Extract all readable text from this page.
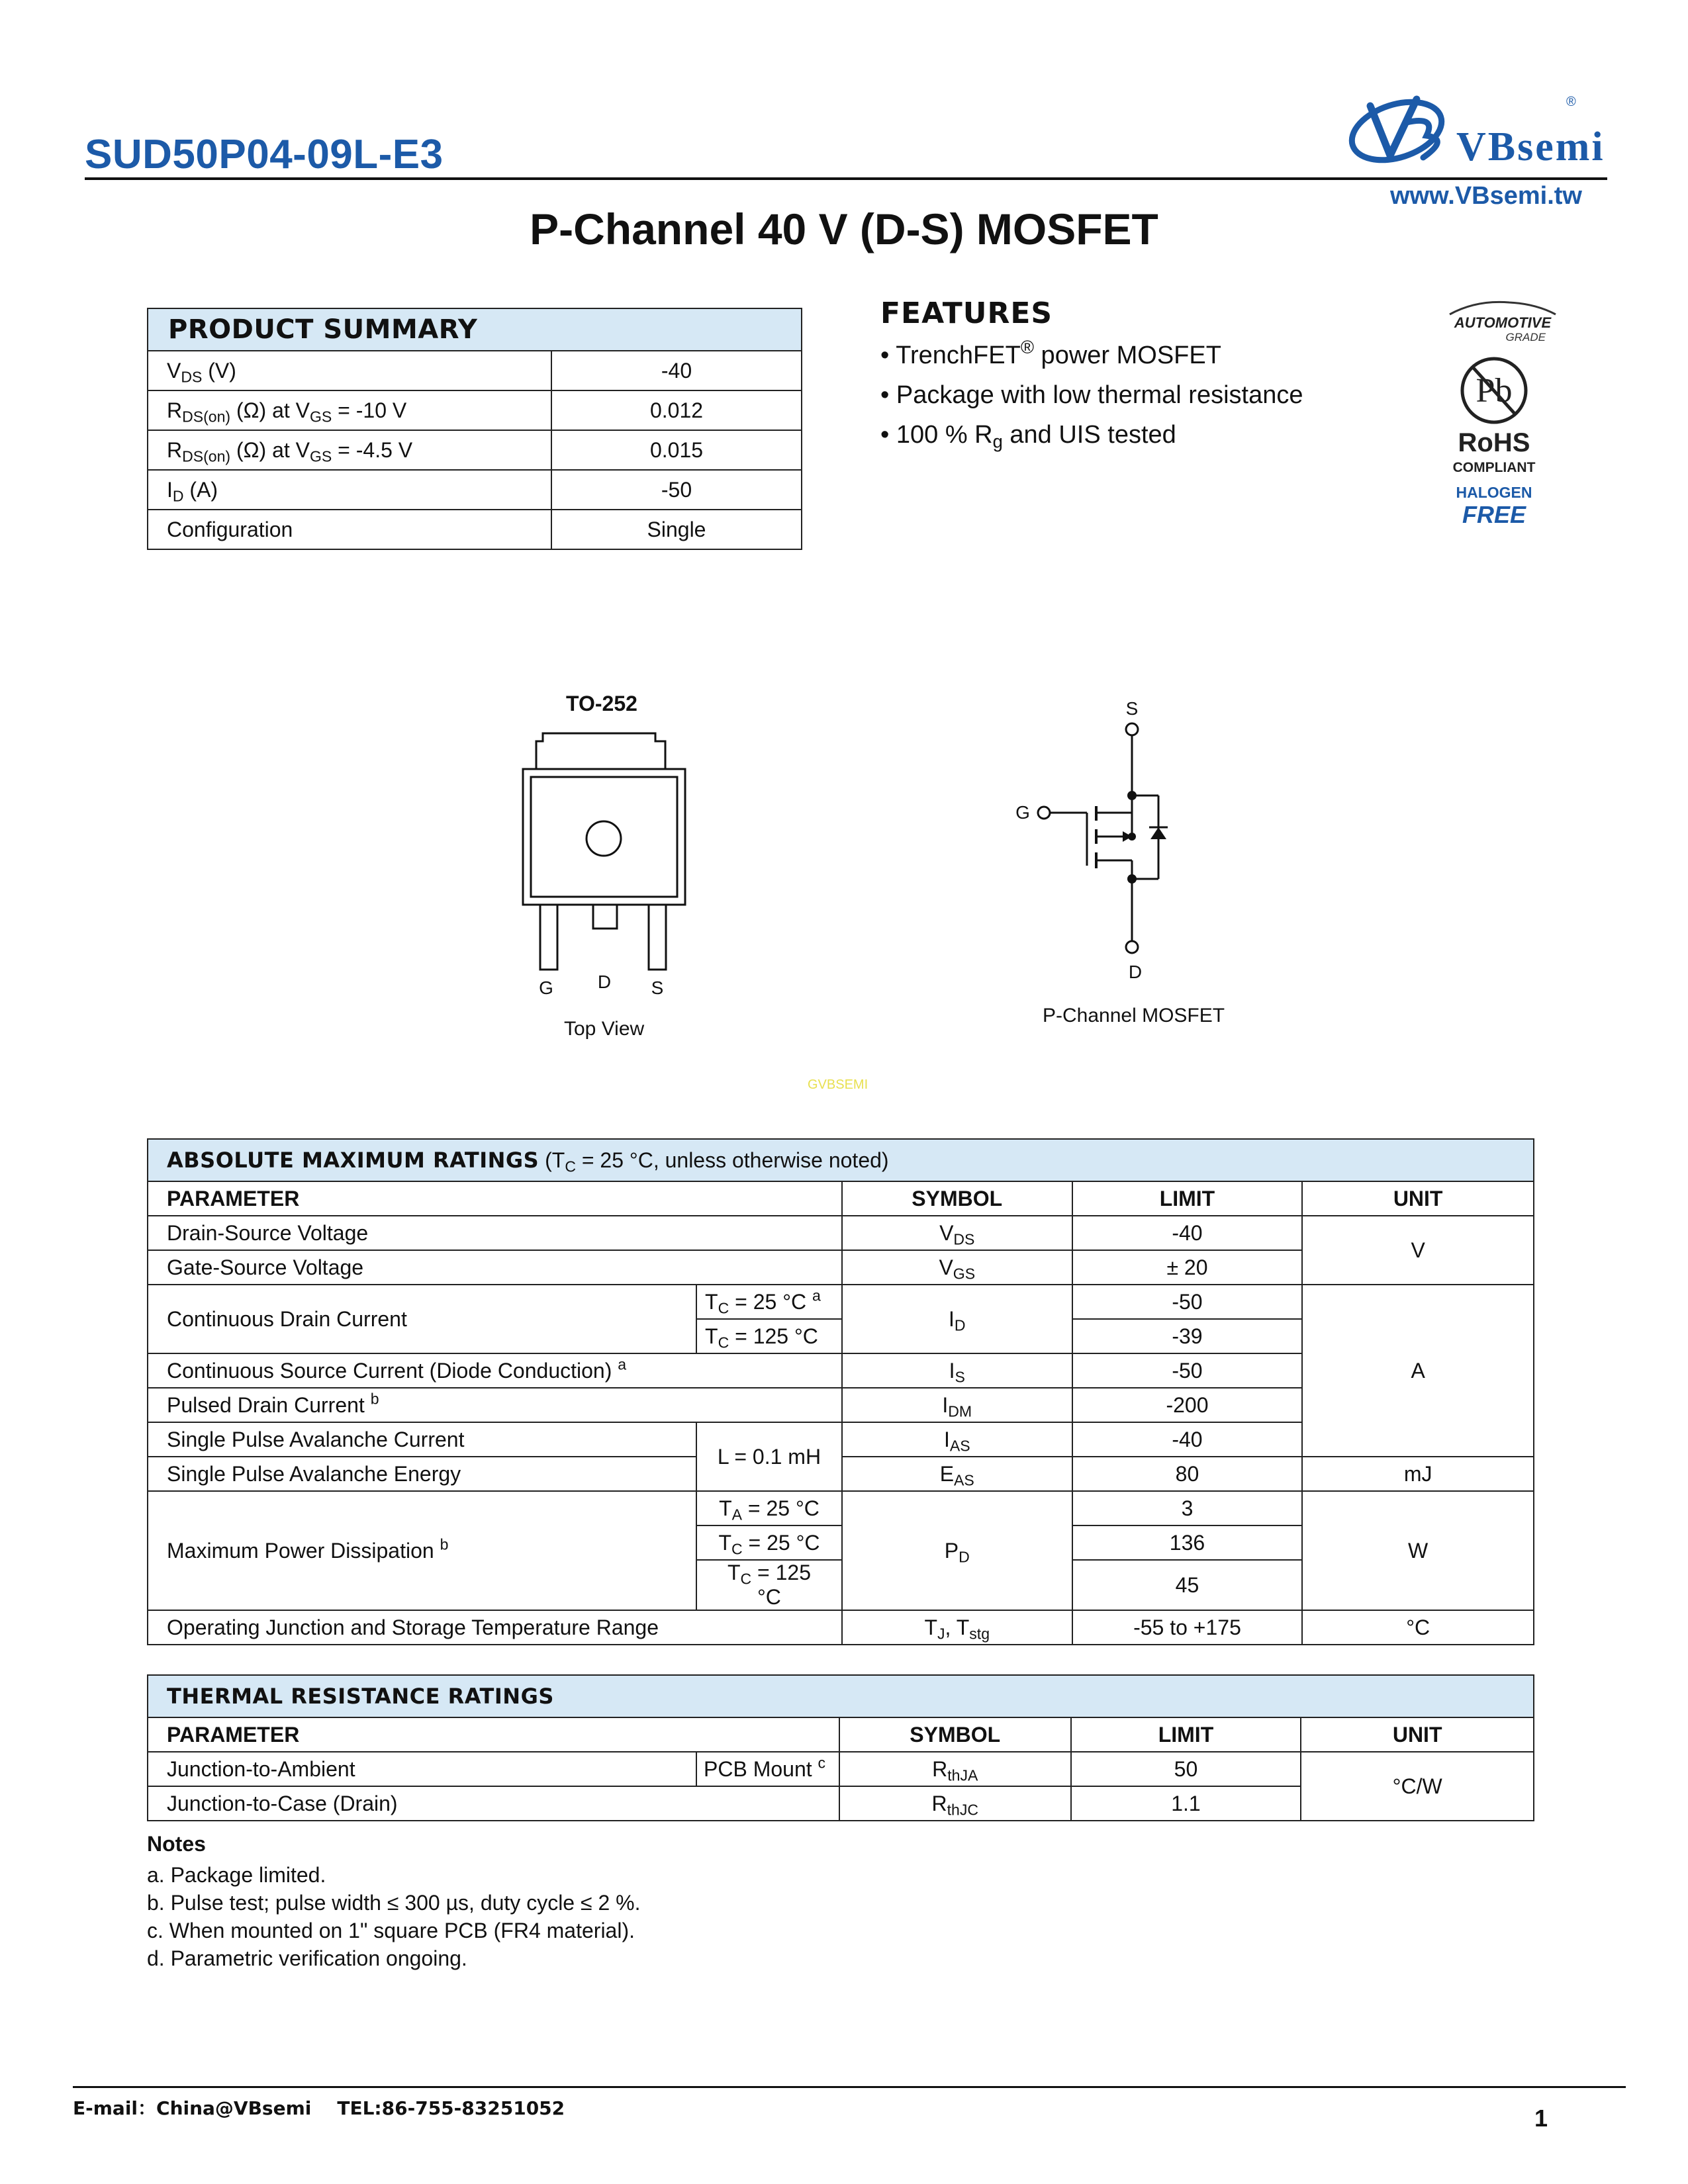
SUD50P04-09L-E3	VBsemi
®
www.VBsemi.tw
P-Channel 40 V (D-S) MOSFET
PRODUCT SUMMARY	
$V_{DS}$ (V)	-40
$R_{DS(on)}$ (Ω) at $V_{GS} = -10$ V	0.012
$R_{DS(on)}$ (Ω) at $V_{GS} = -4.5$ V	0.015
$I_D$ (A)	-50
Configuration	Single
FEATURES
• TrenchFET® power MOSFET
• Package with low thermal resistance
• 100 % $R_g$ and UIS tested
AUTOMOTIVE
GRADE
Pb
RoHS
COMPLIANT
HALOGEN
FREE
TO-252
G D S
Top View
S
G
D
P-Channel MOSFET
GVBSEMI
ABSOLUTE MAXIMUM RATINGS ($T_C = 25$ °C, unless otherwise noted)				
PARAMETER		SYMBOL	LIMIT	UNIT
Drain-Source Voltage		$V_{DS}$	-40	V
Gate-Source Voltage		$V_{GS}$	± 20	
Continuous Drain Current	$T_C = 25$ °C $^a$	$I_D$	-50	A
	$T_C = 125$ °C		-39	
Continuous Source Current (Diode Conduction) $^a$		$I_S$	-50	
Pulsed Drain Current $^b$		$I_{DM}$	-200	
Single Pulse Avalanche Current	L = 0.1 mH	$I_{AS}$	-40	
Single Pulse Avalanche Energy		$E_{AS}$	80	mJ
Maximum Power Dissipation $^b$	$T_A = 25$ °C	$P_D$	3	W
	$T_C = 25$ °C		136	
	$T_C = 125$ °C		45	
Operating Junction and Storage Temperature Range		$T_J$, $T_{stg}$	-55 to +175	°C
THERMAL RESISTANCE RATINGS				
PARAMETER		SYMBOL	LIMIT	UNIT
Junction-to-Ambient	PCB Mount $^c$	$R_{thJA}$	50	°C/W
Junction-to-Case (Drain)		$R_{thJC}$	1.1	
Notes
a. Package limited.
b. Pulse test; pulse width ≤ 300 µs, duty cycle ≤ 2 %.
c. When mounted on 1" square PCB (FR4 material).
d. Parametric verification ongoing.
E-mail：China@VBsemi    TEL:86-755-83251052	1
